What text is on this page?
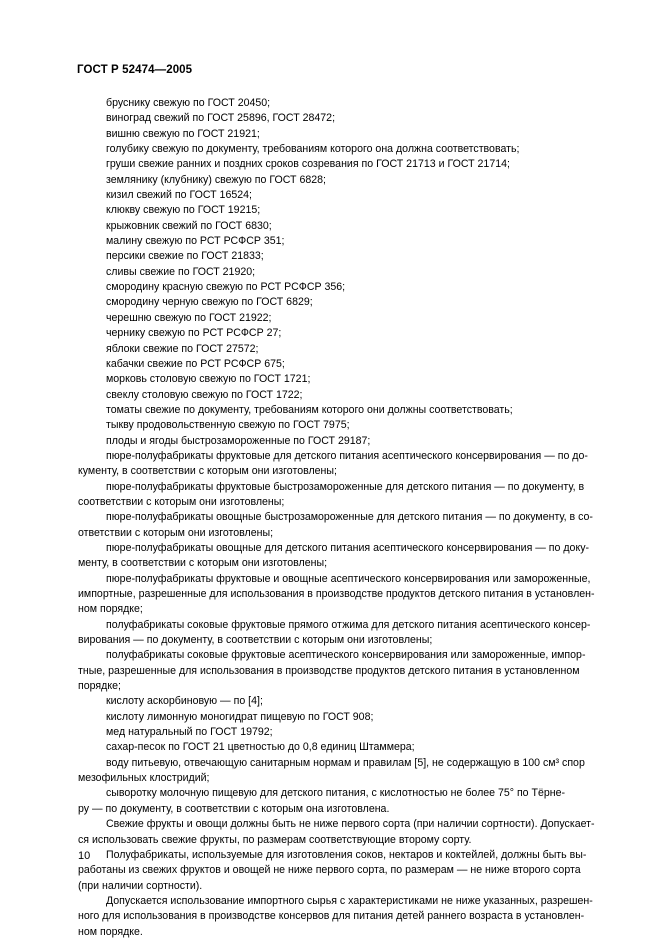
ГОСТ Р 52474—2005

бруснику свежую по ГОСТ 20450;

виноград свежий по ГОСТ 25896, ГОСТ 28472;

вишню свежую по ГОСТ 21921;

голубику свежую по документу, требованиям которого она должна соответствовать;

груши свежие ранних и поздних сроков созревания по ГОСТ 21713 и ГОСТ 21714;

землянику (клубнику) свежую по ГОСТ 6828;

кизил свежий по ГОСТ 16524;

клюкву свежую по ГОСТ 19215;

крыжовник свежий по ГОСТ 6830;

малину свежую по РСТ РСФСР 351;

персики свежие по ГОСТ 21833;

сливы свежие по ГОСТ 21920;

смородину красную свежую по РСТ РСФСР 356;

смородину черную свежую по ГОСТ 6829;

черешню свежую по ГОСТ 21922;

чернику свежую по РСТ РСФСР 27;

яблоки свежие по ГОСТ 27572;

кабачки свежие по РСТ РСФСР 675;

морковь столовую свежую по ГОСТ 1721;

свеклу столовую свежую по ГОСТ 1722;

томаты свежие по документу, требованиям которого они должны соответствовать;

тыкву продовольственную свежую по ГОСТ 7975;

плоды и ягоды быстрозамороженные по ГОСТ 29187;

пюре-полуфабрикаты фруктовые для детского питания асептического консервирования — по до-
кументу, в соответствии с которым они изготовлены;

пюре-полуфабрикаты фруктовые быстрозамороженные для детского питания — по документу, в
соответствии с которым они изготовлены;

пюре-полуфабрикаты овощные быстрозамороженные для детского питания — по документу, в со-
ответствии с которым они изготовлены;

пюре-полуфабрикаты овощные для детского питания асептического консервирования — по доку-
менту, в соответствии с которым они изготовлены;

пюре-полуфабрикаты фруктовые и овощные асептического консервирования или замороженные,
импортные, разрешенные для использования в производстве продуктов детского питания в установлен-
ном порядке;

полуфабрикаты соковые фруктовые прямого отжима для детского питания асептического консер-
вирования — по документу, в соответствии с которым они изготовлены;

полуфабрикаты соковые фруктовые асептического консервирования или замороженные, импор-
тные, разрешенные для использования в производстве продуктов детского питания в установленном
порядке;

кислоту аскорбиновую — по [4];

кислоту лимонную моногидрат пищевую по ГОСТ 908;

мед натуральный по ГОСТ 19792;

сахар-песок по ГОСТ 21 цветностью до 0,8 единиц Штаммера;

воду питьевую, отвечающую санитарным нормам и правилам [5], не содержащую в 100 см³ спор
мезофильных клостридий;

сыворотку молочную пищевую для детского питания, с кислотностью не более 75° по Тёрне-
ру — по документу, в соответствии с которым она изготовлена.

Свежие фрукты и овощи должны быть не ниже первого сорта (при наличии сортности). Допускает-
ся использовать свежие фрукты, по размерам соответствующие второму сорту.

Полуфабрикаты, используемые для изготовления соков, нектаров и коктейлей, должны быть вы-
работаны из свежих фруктов и овощей не ниже первого сорта, по размерам — не ниже второго сорта
(при наличии сортности).

Допускается использование импортного сырья с характеристиками не ниже указанных, разрешен-
ного для использования в производстве консервов для питания детей раннего возраста в установлен-
ном порядке.

10
